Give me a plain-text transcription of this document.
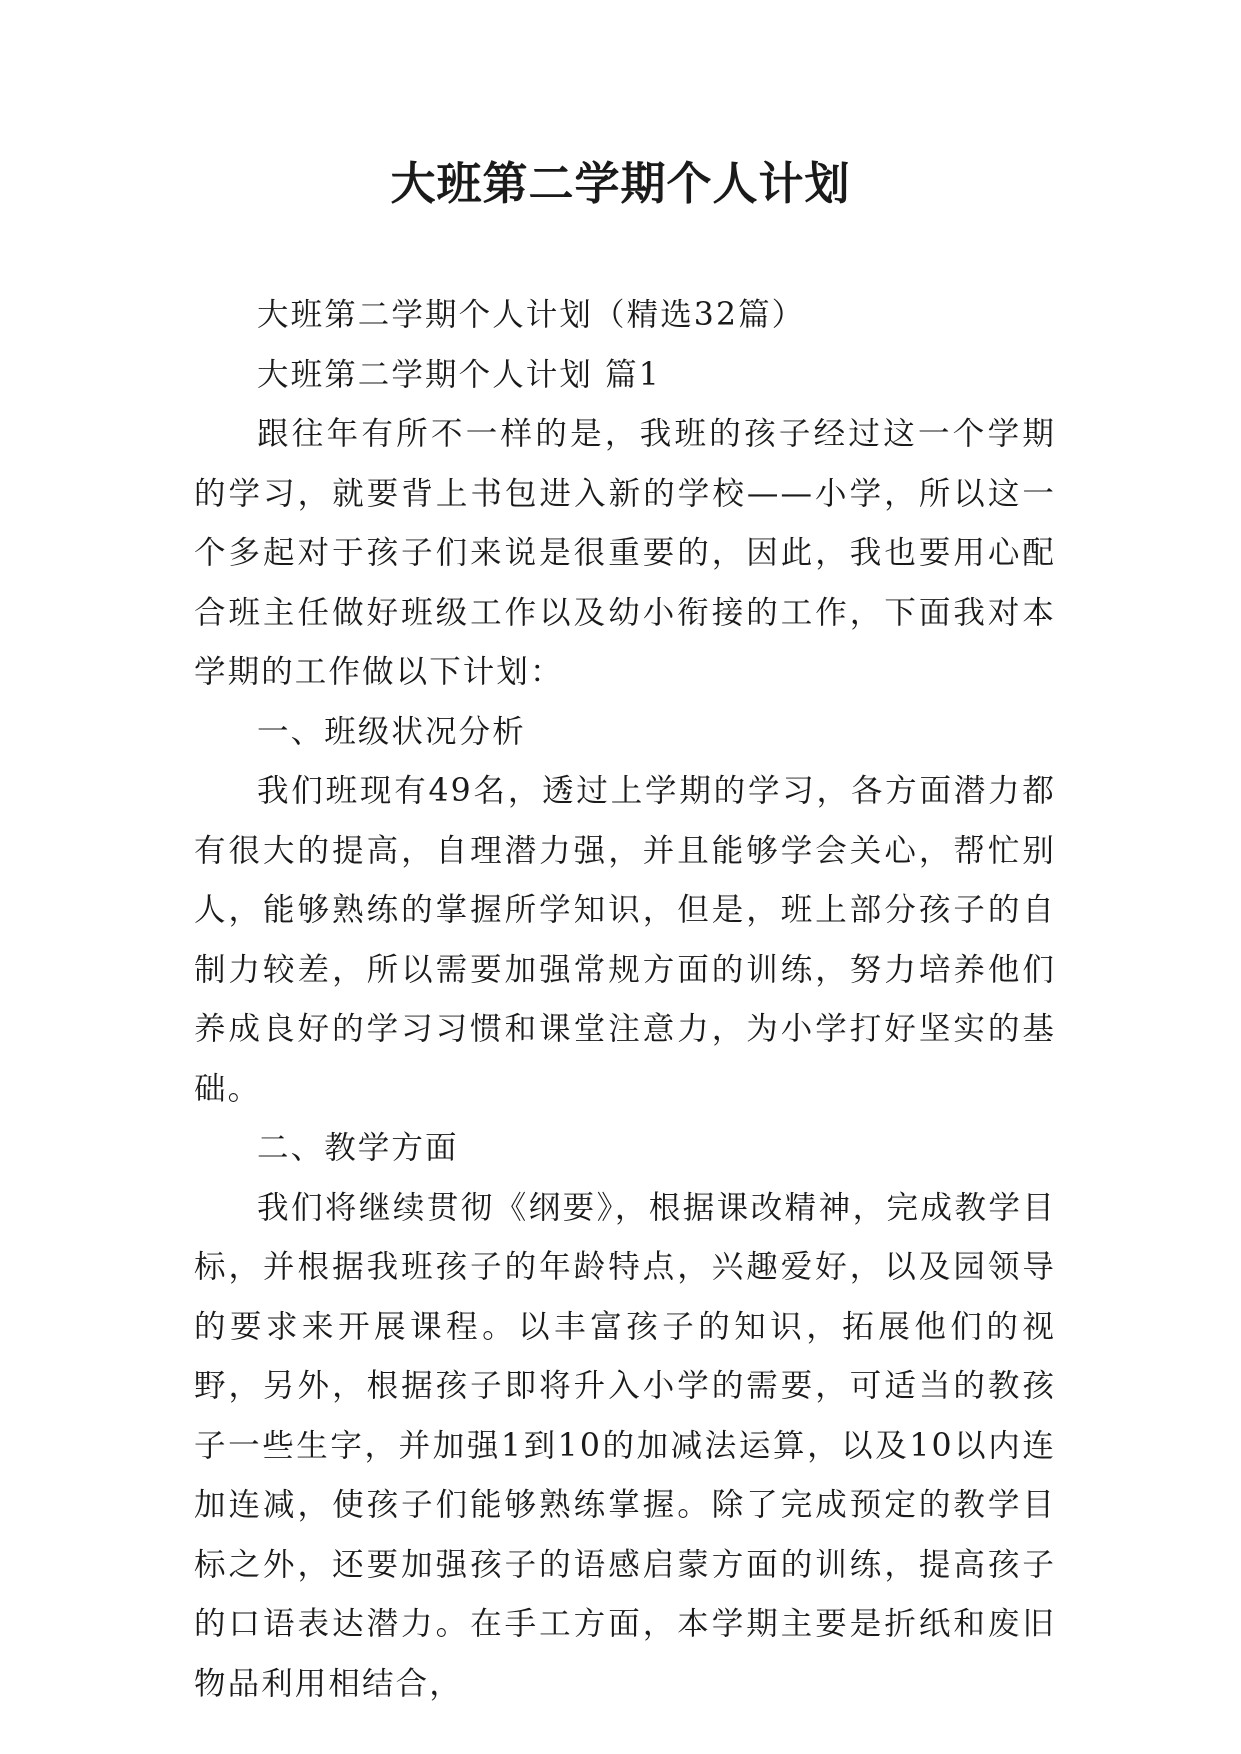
大班第二学期个人计划

大班第二学期个人计划（精选32篇）

大班第二学期个人计划 篇1

跟往年有所不一样的是，我班的孩子经过这一个学期的学习，就要背上书包进入新的学校——小学，所以这一个多起对于孩子们来说是很重要的，因此，我也要用心配合班主任做好班级工作以及幼小衔接的工作，下面我对本学期的工作做以下计划：

一、班级状况分析

我们班现有49名，透过上学期的学习，各方面潜力都有很大的提高，自理潜力强，并且能够学会关心，帮忙别人，能够熟练的掌握所学知识，但是，班上部分孩子的自制力较差，所以需要加强常规方面的训练，努力培养他们养成良好的学习习惯和课堂注意力，为小学打好坚实的基础。

二、教学方面

我们将继续贯彻《纲要》，根据课改精神，完成教学目标，并根据我班孩子的年龄特点，兴趣爱好，以及园领导的要求来开展课程。以丰富孩子的知识，拓展他们的视野，另外，根据孩子即将升入小学的需要，可适当的教孩子一些生字，并加强1到10的加减法运算，以及10以内连加连减，使孩子们能够熟练掌握。除了完成预定的教学目标之外，还要加强孩子的语感启蒙方面的训练，提高孩子的口语表达潜力。在手工方面，本学期主要是折纸和废旧物品利用相结合，
